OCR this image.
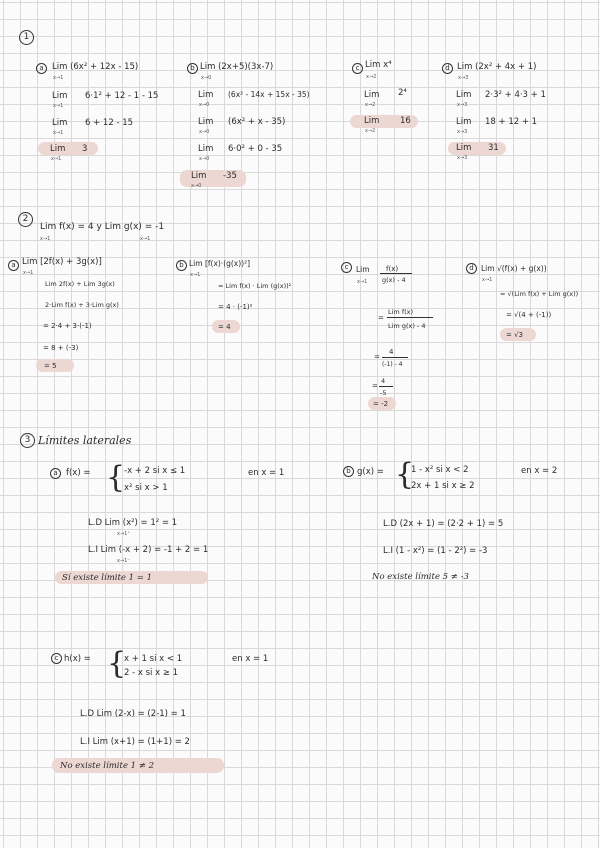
1
a Lim (6x² + 12x - 15)
x→1
Lim
x→1
6·1² + 12 - 1 - 15
Lim
x→1
6 + 12 - 15
Lim
x→1
3
b Lim (2x+5)(3x-7)
x→0
Lim
x→0
(6x² - 14x + 15x - 35)
Lim
x→0
(6x² + x - 35)
Lim
x→0
6·0² + 0 - 35
Lim
x→0
-35
c Lim x⁴
x→2
Lim
x→2
2⁴
Lim
x→2
16
d Lim (2x² + 4x + 1)
x→3
Lim
x→3
2·3² + 4·3 + 1
Lim
x→3
18 + 12 + 1
Lim
x→3
31
2
Lim f(x) = 4 y Lim g(x) = -1
x→1	x→1
a Lim [2f(x) + 3g(x)]
x→1
Lim 2f(x) + Lim 3g(x)
2·Lim f(x) + 3·Lim g(x)
= 2·4 + 3·(-1)
= 8 + (-3)
= 5
b Lim [f(x)·(g(x))²]
x→1
= Lim f(x) · Lim (g(x))²
= 4 · (-1)²
= 4
c	Lim
x→1
f(x)
g(x) - 4
=
Lim f(x)
Lim g(x) - 4
=
4
(-1) - 4
=
4
-5
= -2
d Lim √(f(x) + g(x))
x→1
= √(Lim f(x) + Lim g(x))
= √(4 + (-1))
= √3
3 Límites laterales
a f(x) = {
-x + 2 si x ≤ 1
x² si x > 1
en x = 1
L.D Lim (x²) = 1² = 1
x→1⁺
L.I Lim (-x + 2) = -1 + 2 = 1
x→1⁻
Sí existe límite 1 = 1
b g(x) = {
1 - x² si x < 2
2x + 1 si x ≥ 2
en x = 2
L.D (2x + 1) = (2·2 + 1) = 5
L.I (1 - x²) = (1 - 2²) = -3
No existe límite 5 ≠ -3
c h(x) = {
x + 1 si x < 1
2 - x si x ≥ 1
en x = 1
L.D Lim (2-x) = (2-1) = 1
L.I Lim (x+1) = (1+1) = 2
No existe límite 1 ≠ 2
